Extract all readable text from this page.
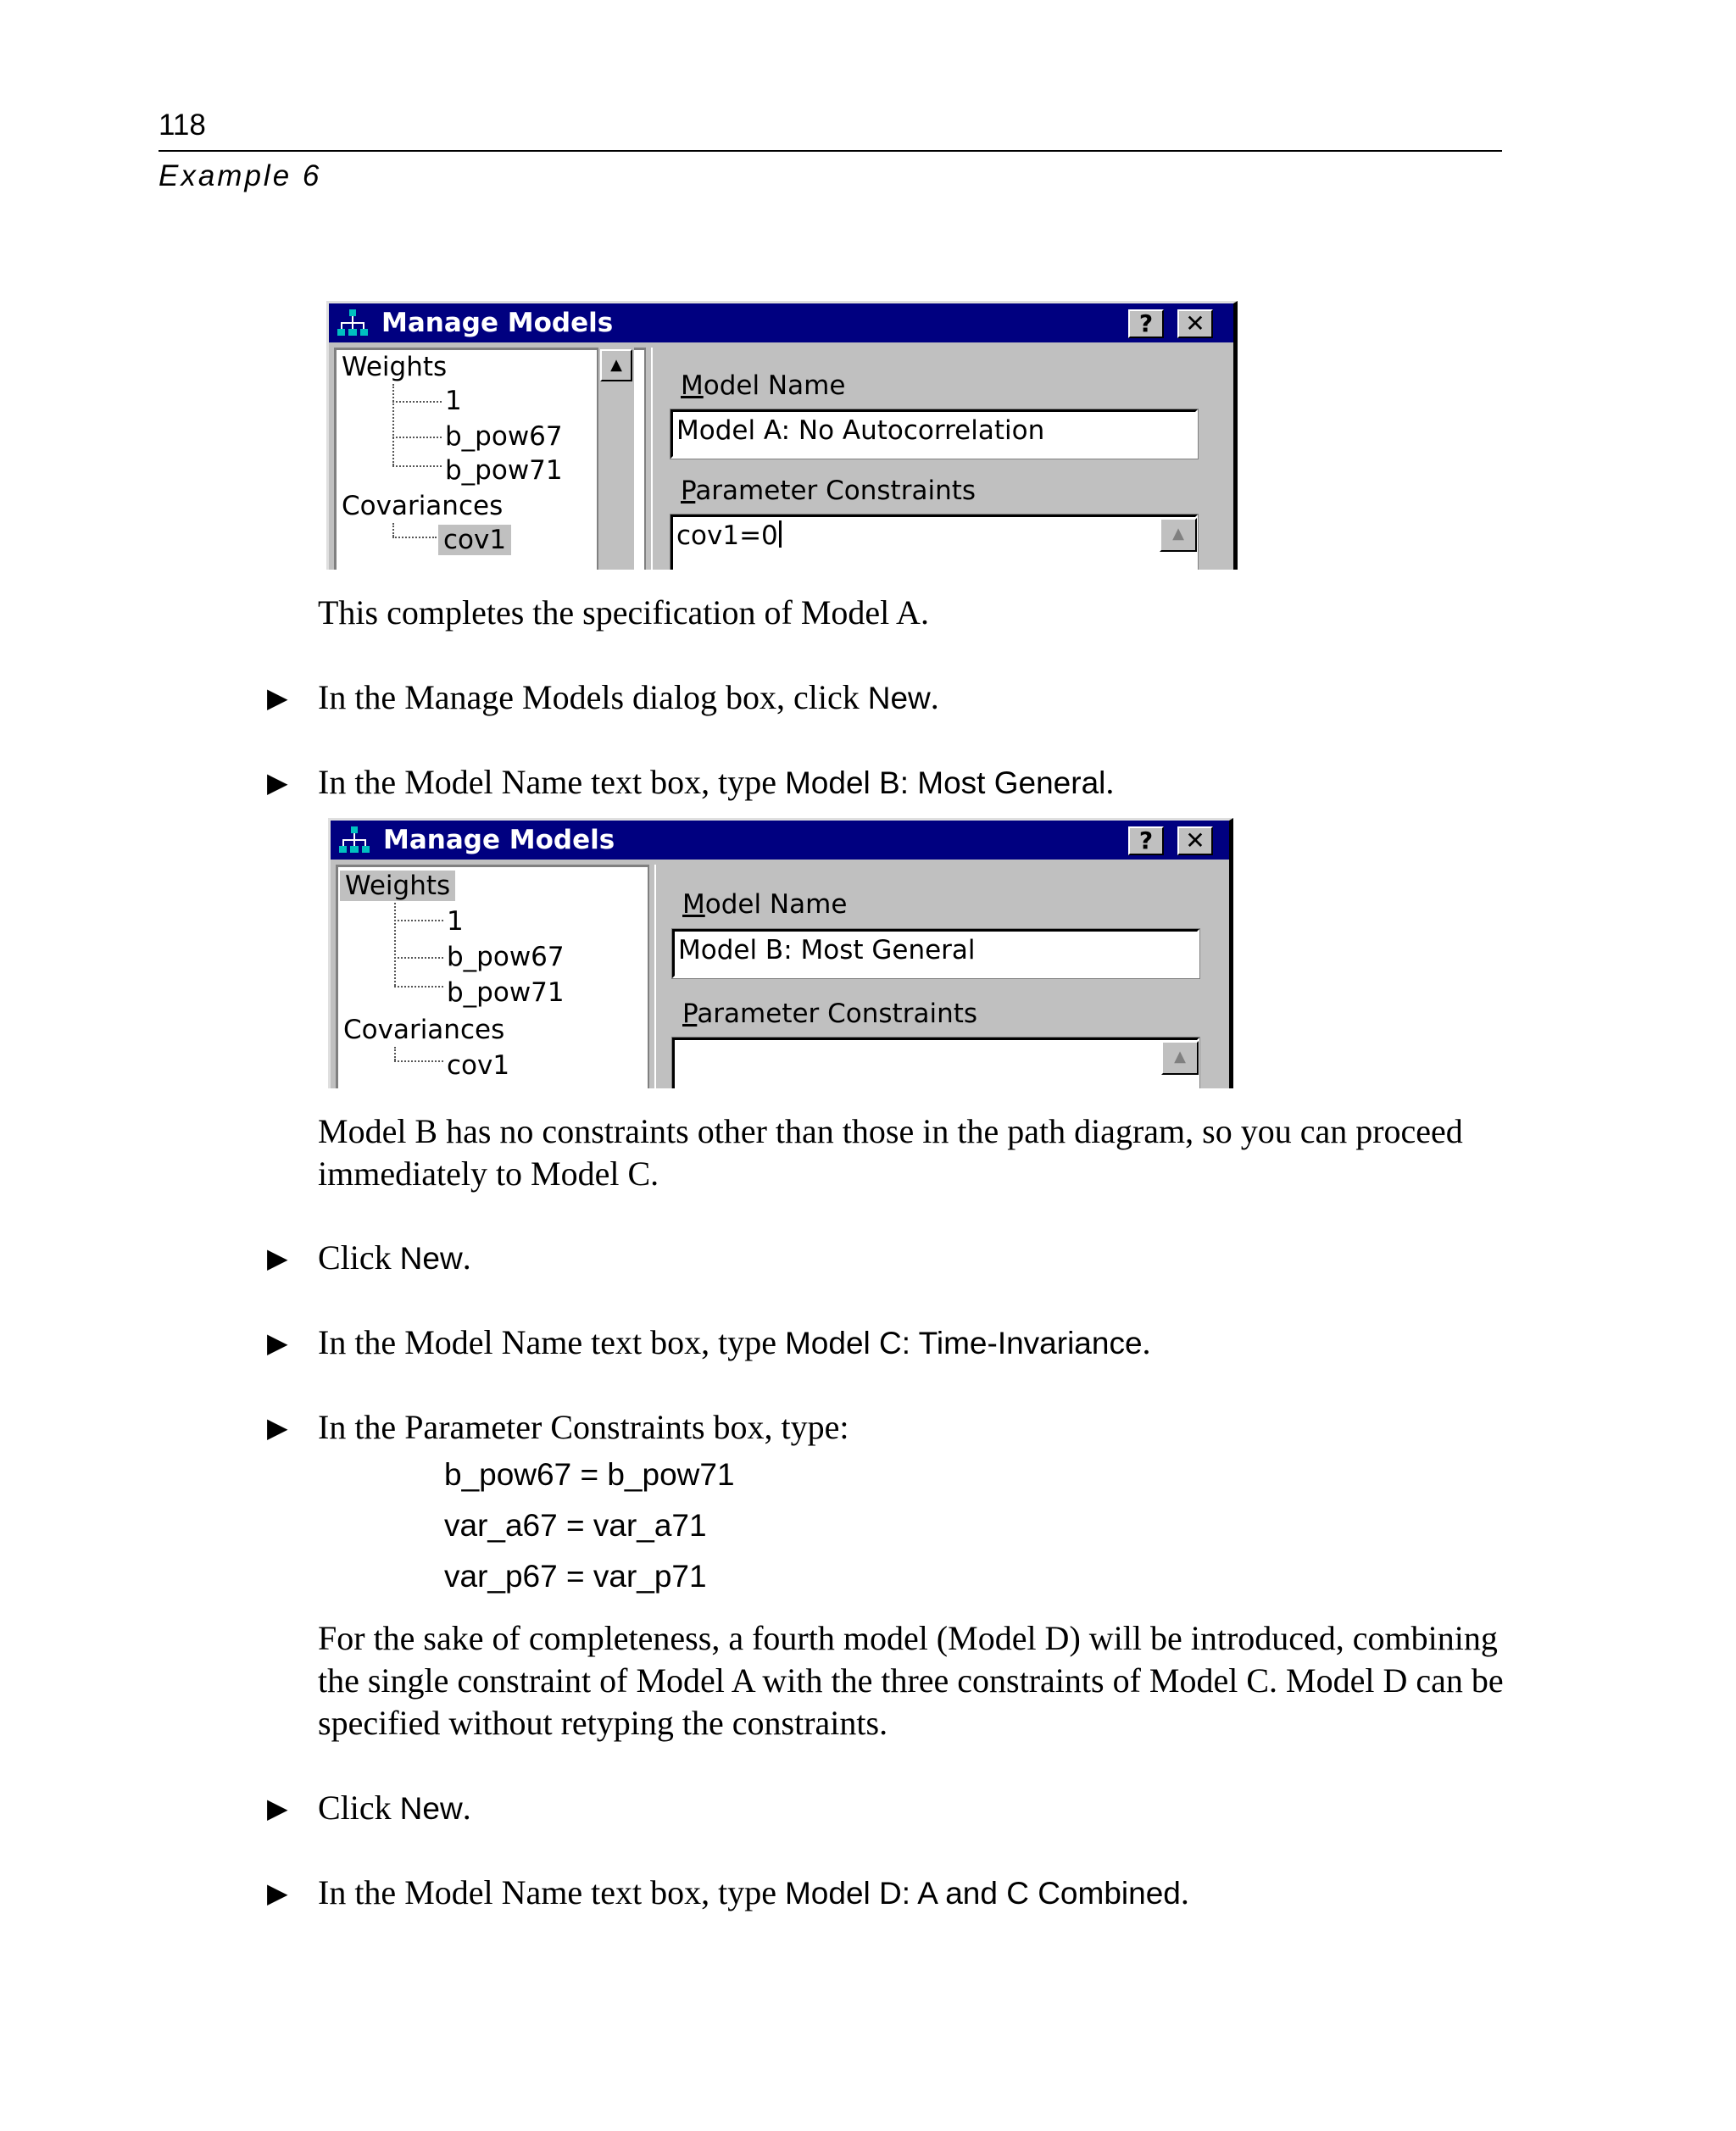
118
Example 6
Manage Models	?	✕
Weights
1
b_pow67
b_pow71
Covariances
cov1
▲
Model Name
Model A: No Autocorrelation
Parameter Constraints
cov1=0	▲
This completes the specification of Model A.
▶ In the Manage Models dialog box, click New.
▶ In the Model Name text box, type Model B: Most General.
Manage Models	?	✕
Weights
1
b_pow67
b_pow71
Covariances
cov1
Model Name
Model B: Most General
Parameter Constraints
▲
Model B has no constraints other than those in the path diagram, so you can proceed immediately to Model C.
▶ Click New.
▶ In the Model Name text box, type Model C: Time-Invariance.
▶ In the Parameter Constraints box, type:
b_pow67 = b_pow71
var_a67 = var_a71
var_p67 = var_p71
For the sake of completeness, a fourth model (Model D) will be introduced, combining the single constraint of Model A with the three constraints of Model C. Model D can be specified without retyping the constraints.
▶ Click New.
▶ In the Model Name text box, type Model D: A and C Combined.
